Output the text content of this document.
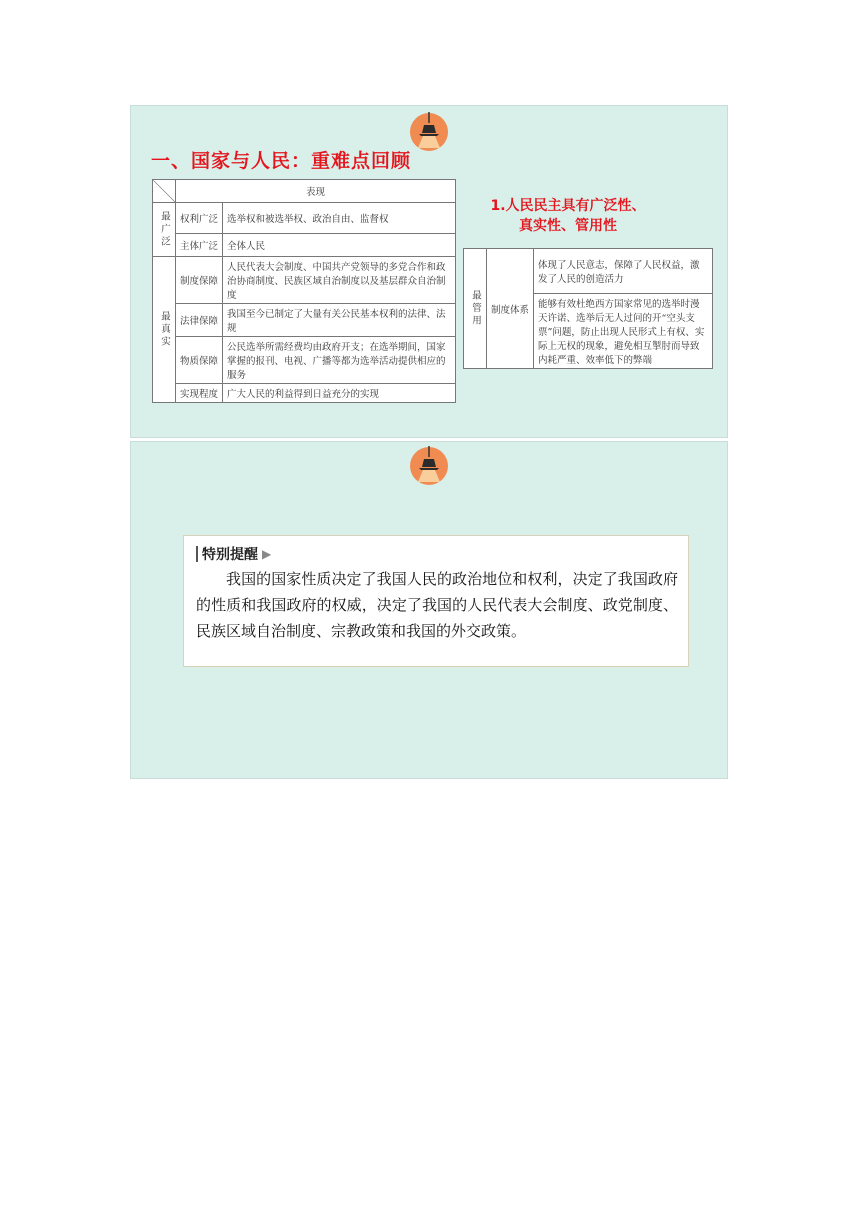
一、国家与人民：重难点回顾
	表现	
最广泛	权利广泛	选举权和被选举权、政治自由、监督权
	主体广泛	全体人民
最真实	制度保障	人民代表大会制度、中国共产党领导的多党合作和政治协商制度、民族区域自治制度以及基层群众自治制度
	法律保障	我国至今已制定了大量有关公民基本权利的法律、法规
	物质保障	公民选举所需经费均由政府开支；在选举期间，国家掌握的报刊、电视、广播等都为选举活动提供相应的服务
	实现程度	广大人民的利益得到日益充分的实现
1.人民民主具有广泛性、
真实性、管用性
最管用	制度体系	体现了人民意志，保障了人民权益，激发了人民的创造活力
能够有效杜绝西方国家常见的选举时漫天许诺、选举后无人过问的开“空头支票”问题，防止出现人民形式上有权、实际上无权的现象，避免相互掣肘而导致内耗严重、效率低下的弊端
特别提醒 ▶
我国的国家性质决定了我国人民的政治地位和权利，决定了我国政府的性质和我国政府的权威，决定了我国的人民代表大会制度、政党制度、民族区域自治制度、宗教政策和我国的外交政策。
